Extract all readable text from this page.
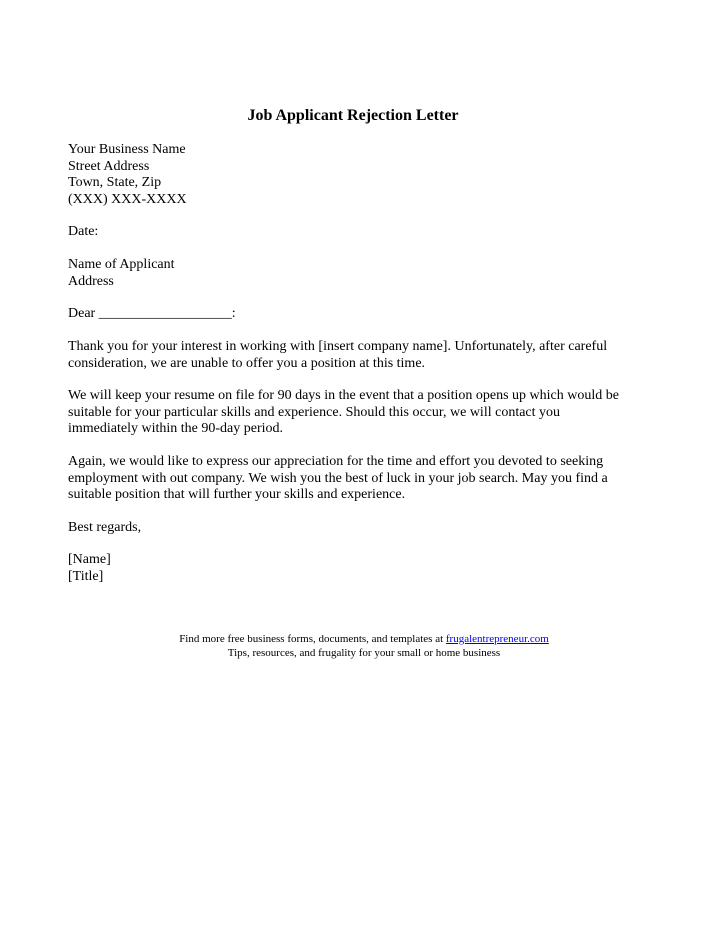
Job Applicant Rejection Letter
Your Business Name
Street Address
Town, State, Zip
(XXX) XXX-XXXX
Date:
Name of Applicant
Address
Dear ___________________:
Thank you for your interest in working with [insert company name]. Unfortunately, after careful
consideration, we are unable to offer you a position at this time.
We will keep your resume on file for 90 days in the event that a position opens up which would be
suitable for your particular skills and experience. Should this occur, we will contact you
immediately within the 90-day period.
Again, we would like to express our appreciation for the time and effort you devoted to seeking
employment with out company. We wish you the best of luck in your job search. May you find a
suitable position that will further your skills and experience.
Best regards,
[Name]
[Title]
Find more free business forms, documents, and templates at frugalentrepreneur.com
Tips, resources, and frugality for your small or home business
